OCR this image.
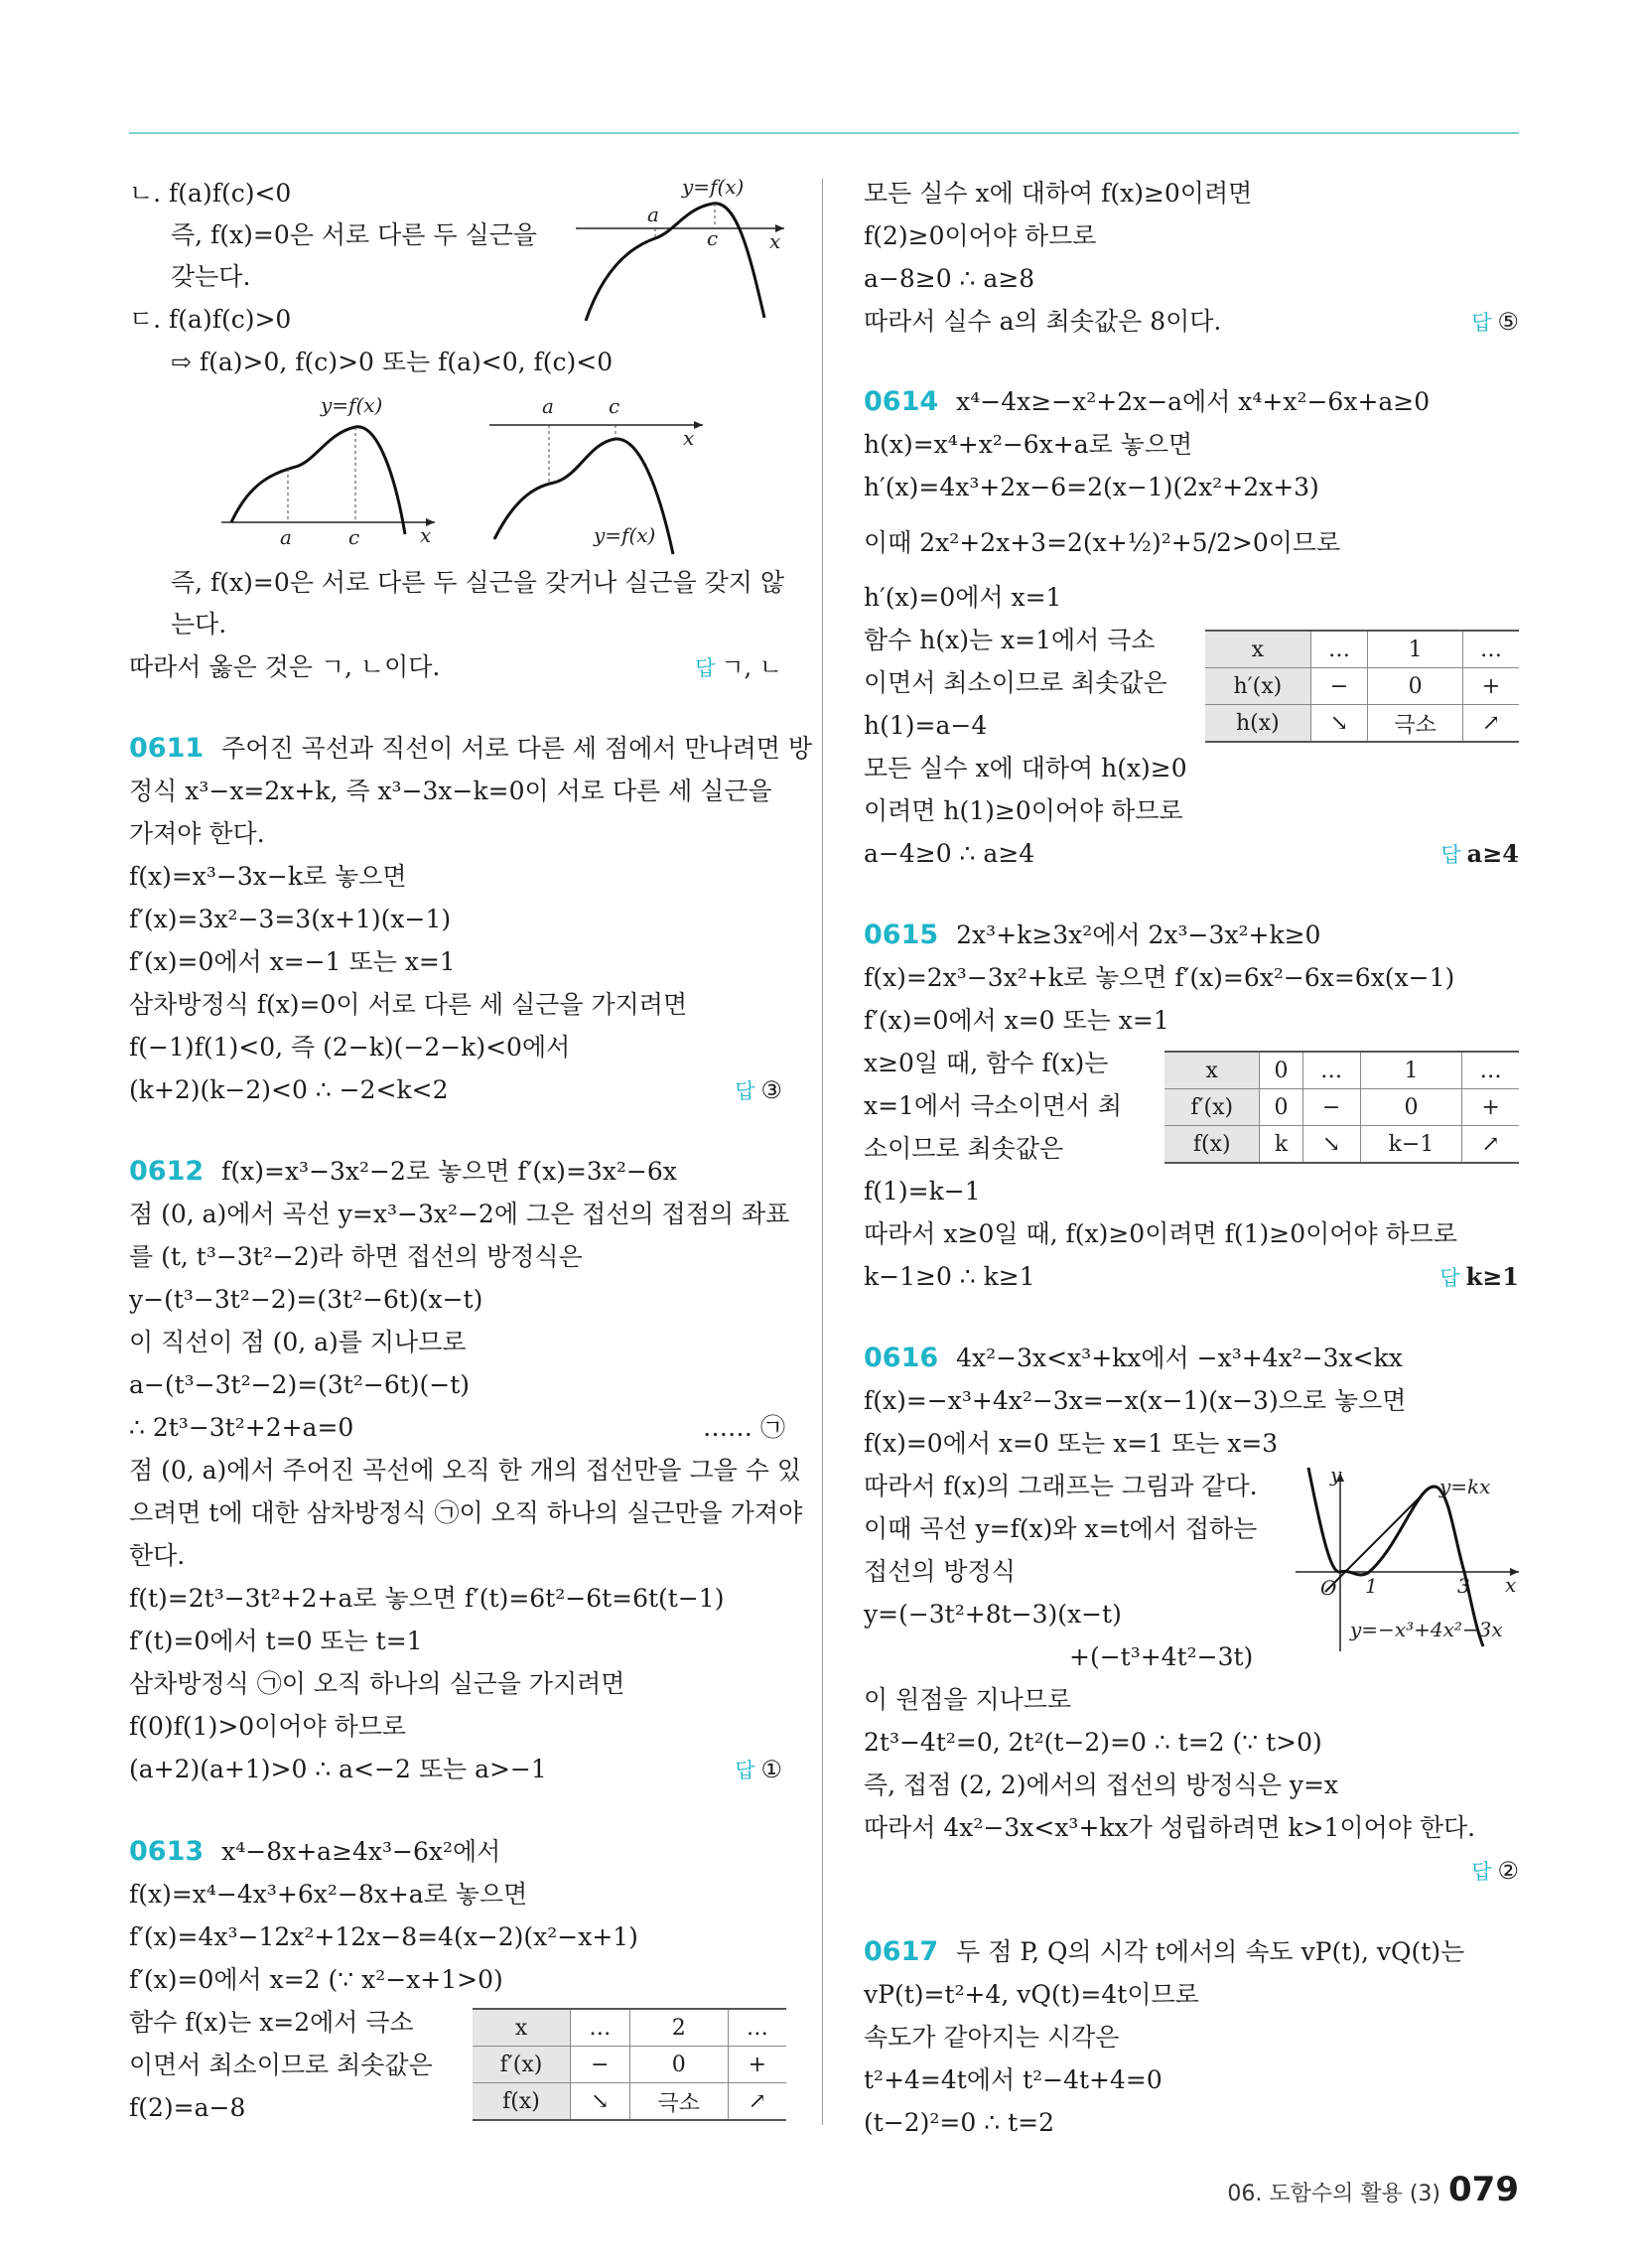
ㄴ. f(a)f(c)<0
즉, f(x)=0은 서로 다른 두 실근을
갖는다.
ㄷ. f(a)f(c)>0
⇨ f(a)>0, f(c)>0 또는 f(a)<0, f(c)<0
즉, f(x)=0은 서로 다른 두 실근을 갖거나 실근을 갖지 않
는다.
따라서 옳은 것은 ㄱ, ㄴ이다.	답 ㄱ, ㄴ
0611 주어진 곡선과 직선이 서로 다른 세 점에서 만나려면 방
정식 x³−x=2x+k, 즉 x³−3x−k=0이 서로 다른 세 실근을
가져야 한다.
f(x)=x³−3x−k로 놓으면
f′(x)=3x²−3=3(x+1)(x−1)
f′(x)=0에서 x=−1 또는 x=1
삼차방정식 f(x)=0이 서로 다른 세 실근을 가지려면
f(−1)f(1)<0, 즉 (2−k)(−2−k)<0에서
(k+2)(k−2)<0 ∴ −2<k<2	답 ③
0612 f(x)=x³−3x²−2로 놓으면 f′(x)=3x²−6x
점 (0, a)에서 곡선 y=x³−3x²−2에 그은 접선의 접점의 좌표
를 (t, t³−3t²−2)라 하면 접선의 방정식은
y−(t³−3t²−2)=(3t²−6t)(x−t)
이 직선이 점 (0, a)를 지나므로
a−(t³−3t²−2)=(3t²−6t)(−t)
∴ 2t³−3t²+2+a=0	…… ㉠
점 (0, a)에서 주어진 곡선에 오직 한 개의 접선만을 그을 수 있
으려면 t에 대한 삼차방정식 ㉠이 오직 하나의 실근만을 가져야
한다.
f(t)=2t³−3t²+2+a로 놓으면 f′(t)=6t²−6t=6t(t−1)
f′(t)=0에서 t=0 또는 t=1
삼차방정식 ㉠이 오직 하나의 실근을 가지려면
f(0)f(1)>0이어야 하므로
(a+2)(a+1)>0 ∴ a<−2 또는 a>−1	답 ①
0613 x⁴−8x+a≥4x³−6x²에서
f(x)=x⁴−4x³+6x²−8x+a로 놓으면
f′(x)=4x³−12x²+12x−8=4(x−2)(x²−x+1)
f′(x)=0에서 x=2 (∵ x²−x+1>0)
함수 f(x)는 x=2에서 극소
이면서 최소이므로 최솟값은
f(2)=a−8
x	…	2	…
f′(x)	−	0	+
f(x)	↘	극소	↗
y=f(x)
a
c	x
y=f(x)
a	c	x
a	c
x
y=f(x)
모든 실수 x에 대하여 f(x)≥0이려면
f(2)≥0이어야 하므로
a−8≥0 ∴ a≥8
따라서 실수 a의 최솟값은 8이다.	답 ⑤
0614 x⁴−4x≥−x²+2x−a에서 x⁴+x²−6x+a≥0
h(x)=x⁴+x²−6x+a로 놓으면
h′(x)=4x³+2x−6=2(x−1)(2x²+2x+3)
이때 2x²+2x+3=2(x+½)²+5/2>0이므로
h′(x)=0에서 x=1
함수 h(x)는 x=1에서 극소
이면서 최소이므로 최솟값은
h(1)=a−4
모든 실수 x에 대하여 h(x)≥0
이려면 h(1)≥0이어야 하므로
a−4≥0 ∴ a≥4
x	…	1	…
h′(x)	−	0	+
h(x)	↘	극소	↗
답 a≥4
0615 2x³+k≥3x²에서 2x³−3x²+k≥0
f(x)=2x³−3x²+k로 놓으면 f′(x)=6x²−6x=6x(x−1)
f′(x)=0에서 x=0 또는 x=1
x≥0일 때, 함수 f(x)는
x=1에서 극소이면서 최
소이므로 최솟값은
f(1)=k−1
따라서 x≥0일 때, f(x)≥0이려면 f(1)≥0이어야 하므로
k−1≥0 ∴ k≥1
x	0	…	1	…
f′(x)	0	−	0	+
f(x)	k	↘	k−1	↗
답 k≥1
0616 4x²−3x<x³+kx에서 −x³+4x²−3x<kx
f(x)=−x³+4x²−3x=−x(x−1)(x−3)으로 놓으면
f(x)=0에서 x=0 또는 x=1 또는 x=3
따라서 f(x)의 그래프는 그림과 같다.
이때 곡선 y=f(x)와 x=t에서 접하는
접선의 방정식
y=(−3t²+8t−3)(x−t)
+(−t³+4t²−3t)
이 원점을 지나므로
2t³−4t²=0, 2t²(t−2)=0 ∴ t=2 (∵ t>0)
즉, 접점 (2, 2)에서의 접선의 방정식은 y=x
따라서 4x²−3x<x³+kx가 성립하려면 k>1이어야 한다.
답 ②
0617 두 점 P, Q의 시각 t에서의 속도 vP(t), vQ(t)는
vP(t)=t²+4, vQ(t)=4t이므로
속도가 같아지는 시각은
t²+4=4t에서 t²−4t+4=0
(t−2)²=0 ∴ t=2
y	y=kx
x
O 1	3
y=−x³+4x²−3x
06. 도함수의 활용 (3) 079
